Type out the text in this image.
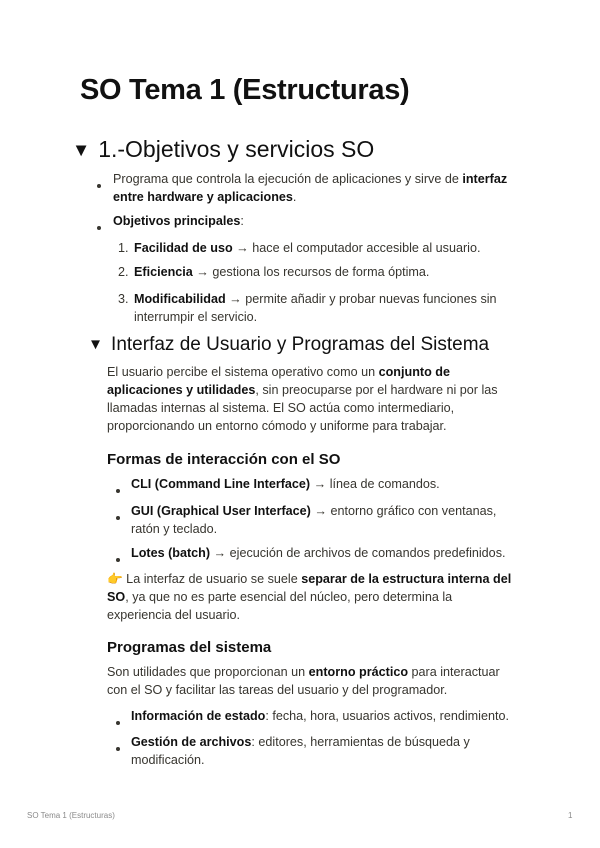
SO Tema 1 (Estructuras)
▼ 1.-Objetivos y servicios SO
Programa que controla la ejecución de aplicaciones y sirve de interfaz
entre hardware y aplicaciones.
Objetivos principales:
1. Facilidad de uso → hace el computador accesible al usuario.
2. Eficiencia → gestiona los recursos de forma óptima.
3. Modificabilidad → permite añadir y probar nuevas funciones sin
interrumpir el servicio.
▼ Interfaz de Usuario y Programas del Sistema
El usuario percibe el sistema operativo como un conjunto de
aplicaciones y utilidades, sin preocuparse por el hardware ni por las
llamadas internas al sistema. El SO actúa como intermediario,
proporcionando un entorno cómodo y uniforme para trabajar.
Formas de interacción con el SO
CLI (Command Line Interface) → línea de comandos.
GUI (Graphical User Interface) → entorno gráfico con ventanas,
ratón y teclado.
Lotes (batch) → ejecución de archivos de comandos predefinidos.
👉 La interfaz de usuario se suele separar de la estructura interna del
SO, ya que no es parte esencial del núcleo, pero determina la
experiencia del usuario.
Programas del sistema
Son utilidades que proporcionan un entorno práctico para interactuar
con el SO y facilitar las tareas del usuario y del programador.
Información de estado: fecha, hora, usuarios activos, rendimiento.
Gestión de archivos: editores, herramientas de búsqueda y
modificación.
SO Tema 1 (Estructuras)	1
